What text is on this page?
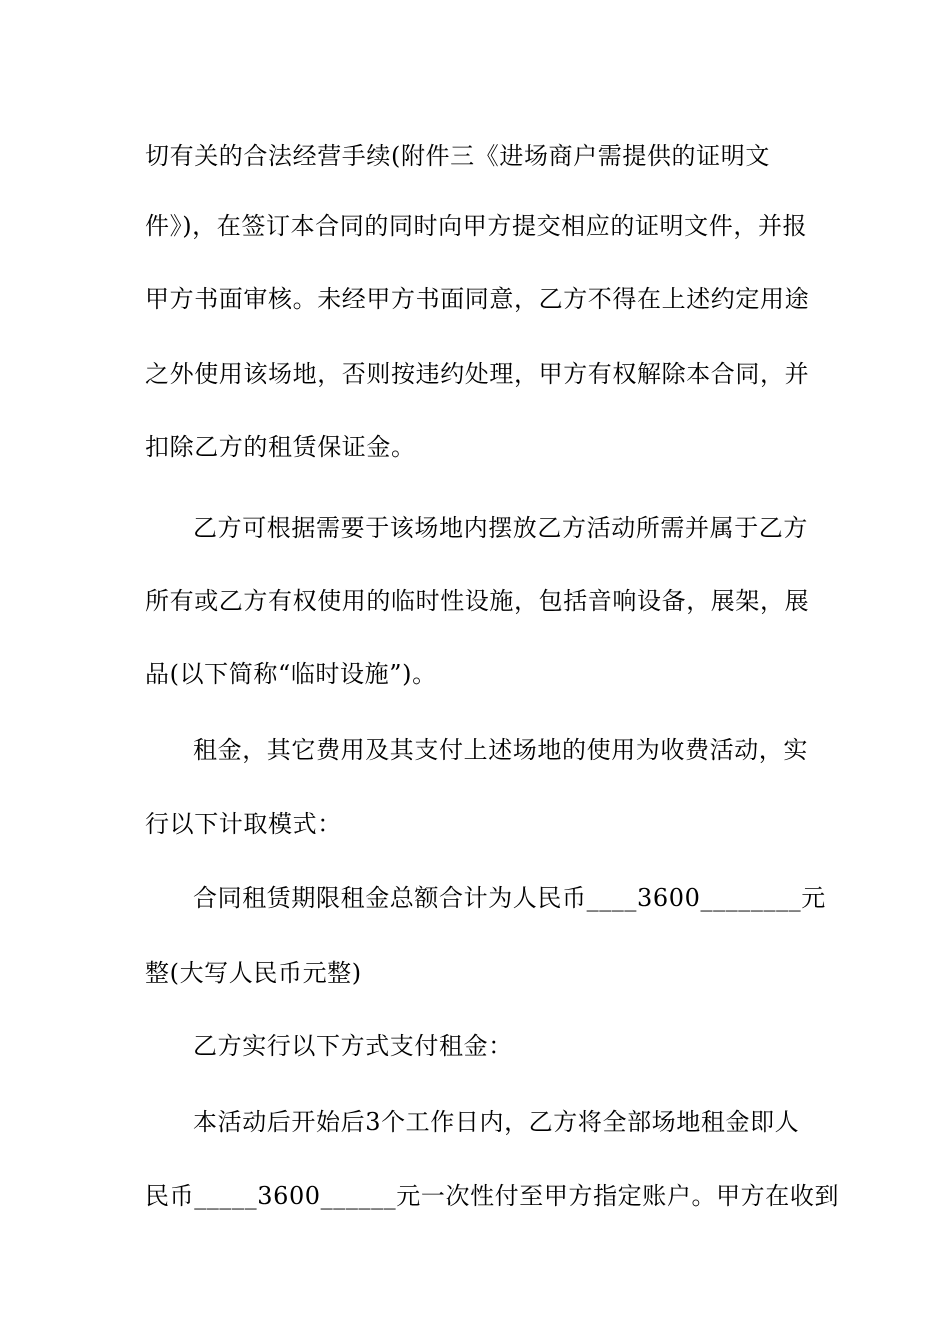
切有关的合法经营手续(附件三《进场商户需提供的证明文
件》)，在签订本合同的同时向甲方提交相应的证明文件，并报
甲方书面审核。未经甲方书面同意，乙方不得在上述约定用途
之外使用该场地，否则按违约处理，甲方有权解除本合同，并
扣除乙方的租赁保证金。
乙方可根据需要于该场地内摆放乙方活动所需并属于乙方
所有或乙方有权使用的临时性设施，包括音响设备，展架，展
品(以下简称“临时设施”)。
租金，其它费用及其支付上述场地的使用为收费活动，实
行以下计取模式：
合同租赁期限租金总额合计为人民币____3600________元
整(大写人民币元整)
乙方实行以下方式支付租金：
本活动后开始后3个工作日内，乙方将全部场地租金即人
民币_____3600______元一次性付至甲方指定账户。甲方在收到
